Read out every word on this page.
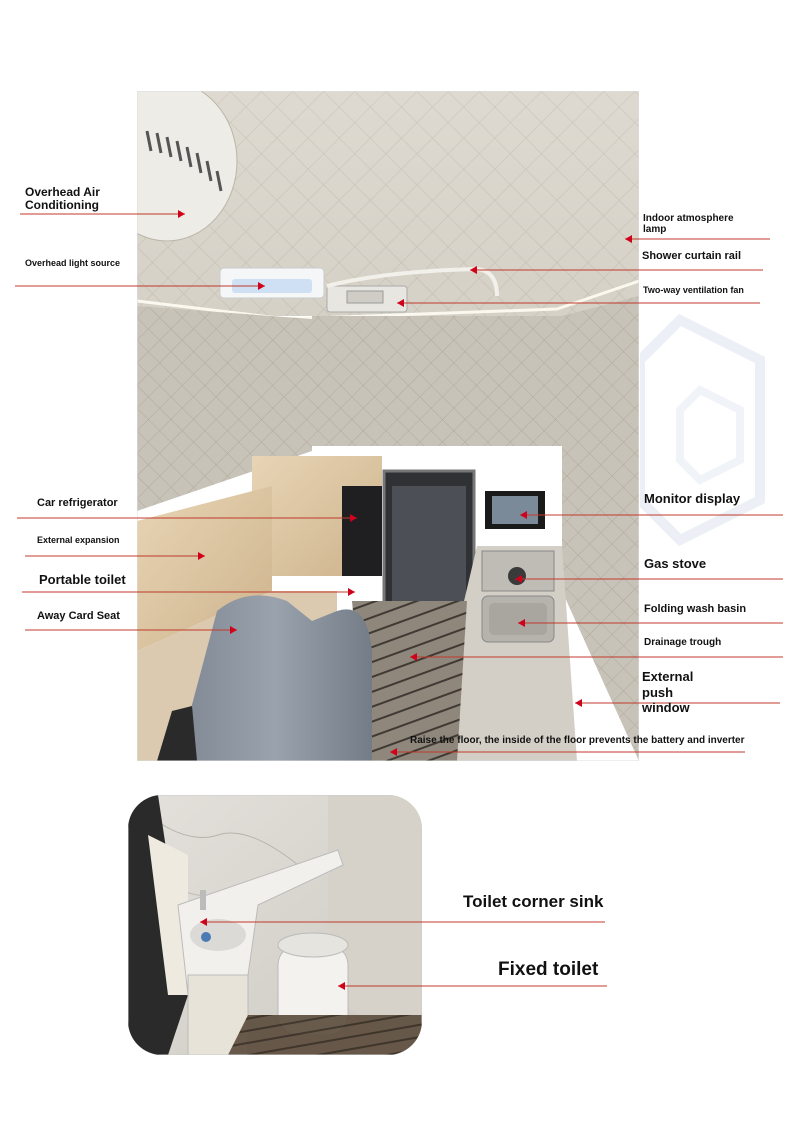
Overhead Air
Conditioning
Overhead light source
Indoor atmosphere
lamp
Shower curtain rail
Two-way ventilation fan
Car refrigerator
External expansion
Portable toilet
Away Card Seat
Monitor display
Gas stove
Folding wash basin
Drainage trough
External
push
window
Raise the floor, the inside of the floor prevents the battery and inverter
Toilet corner sink
Fixed toilet
